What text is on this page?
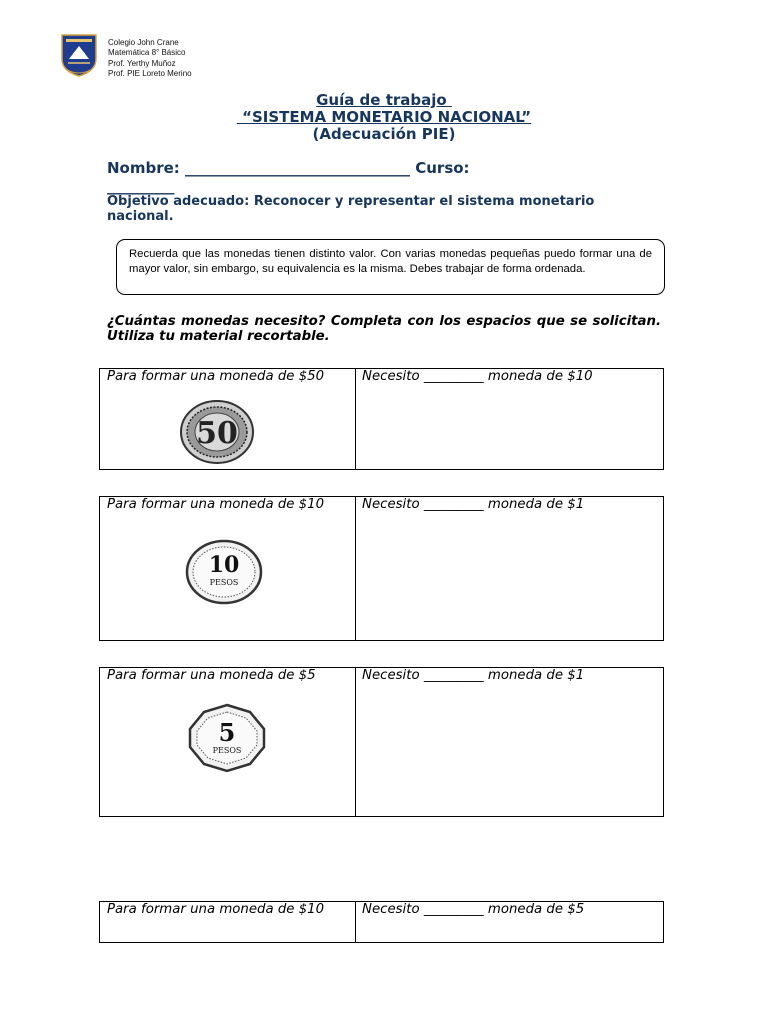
Colegio John Crane
Matemática 8° Básico
Prof. Yerthy Muñoz
Prof. PIE Loreto Merino
Guía de trabajo
“SISTEMA MONETARIO NACIONAL”
(Adecuación PIE)
Nombre: ______________________________ Curso:
_________
Objetivo adecuado: Reconocer y representar el sistema monetario nacional.
Recuerda que las monedas tienen distinto valor. Con varias monedas pequeñas puedo formar una de mayor valor, sin embargo, su equivalencia es la misma. Debes trabajar de forma ordenada.
¿Cuántas monedas necesito? Completa con los espacios que se solicitan. Utiliza tu material recortable.
Para formar una moneda de $50
50
Necesito _________ moneda de $10
Para formar una moneda de $10
10
PESOS
Necesito _________ moneda de $1
Para formar una moneda de $5
5
PESOS
Necesito _________ moneda de $1
Para formar una moneda de $10	Necesito _________ moneda de $5
